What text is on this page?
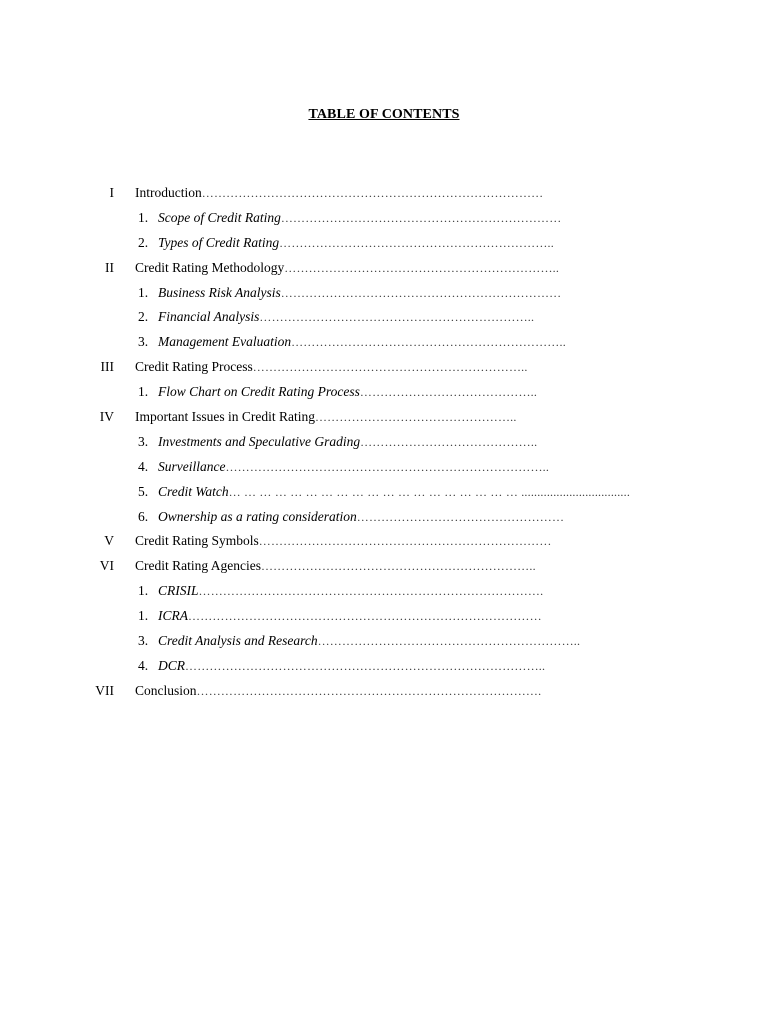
TABLE OF CONTENTS
I Introduction…………………………………………………………………………
1. Scope of Credit Rating……………………………………………………………
2. Types of Credit Rating…………………………………………………………..
II Credit Rating Methodology…………………………………………………………..
1. Business Risk Analysis……………………………………………………………
2. Financial Analysis…………………………………………………………..
3. Management Evaluation…………………………………………………………..
III Credit Rating Process…………………………………………………………..
1. Flow Chart on Credit Rating Process……………………………………..
IV Important Issues in Credit Rating…………………………………………..
3. Investments and Speculative Grading……………………………………..
4. Surveillance……………………………………………………………………..
5. Credit Watch… … … … … … … … … … … … … … … … … … … ..................................
6. Ownership as a rating consideration……………………………………………
V Credit Rating Symbols………………………………………………………………
VI Credit Rating Agencies…………………………………………………………..
1. CRISIL………………………………………………………………………….
1. ICRA……………………………………………………………………………
3. Credit Analysis and Research………………………………………………………..
4. DCR……………………………………………………………………………..
VII Conclusion………………………………………………………………………….
